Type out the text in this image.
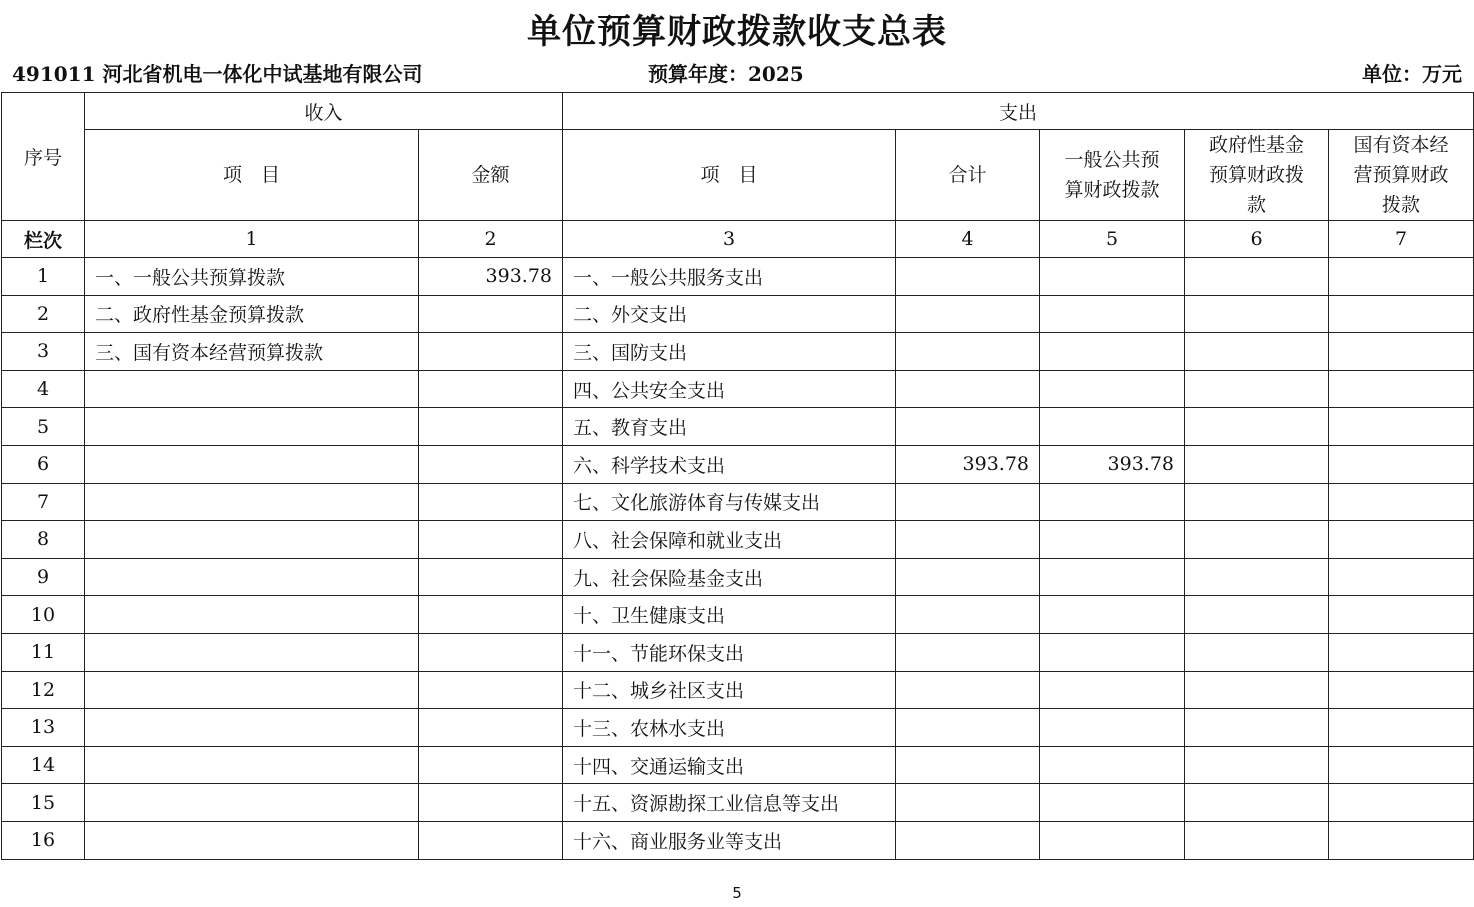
单位预算财政拨款收支总表
491011 河北省机电一体化中试基地有限公司	预算年度：2025	单位：万元
序号	收入		支出				
	项　目	金额	项　目	合计	一般公共预算财政拨款	政府性基金预算财政拨款	国有资本经营预算财政拨款
栏次	1	2	3	4	5	6	7
1	一、一般公共预算拨款	393.78	一、一般公共服务支出				
2	二、政府性基金预算拨款		二、外交支出				
3	三、国有资本经营预算拨款		三、国防支出				
4			四、公共安全支出				
5			五、教育支出				
6			六、科学技术支出	393.78	393.78		
7			七、文化旅游体育与传媒支出				
8			八、社会保障和就业支出				
9			九、社会保险基金支出				
10			十、卫生健康支出				
11			十一、节能环保支出				
12			十二、城乡社区支出				
13			十三、农林水支出				
14			十四、交通运输支出				
15			十五、资源勘探工业信息等支出				
16			十六、商业服务业等支出				
5
